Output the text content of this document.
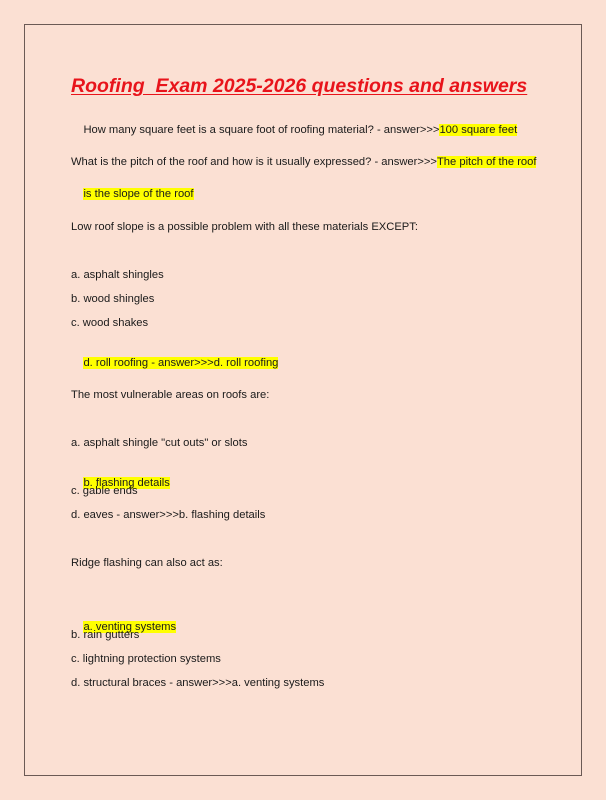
Roofing  Exam 2025-2026 questions and answers

How many square feet is a square foot of roofing material? - answer>>>100 square feet

What is the pitch of the roof and how is it usually expressed? - answer>>>The pitch of the roof

is the slope of the roof

Low roof slope is a possible problem with all these materials EXCEPT:
a. asphalt shingles
b. wood shingles
c. wood shakes

d. roll roofing - answer>>>d. roll roofing

The most vulnerable areas on roofs are:
a. asphalt shingle "cut outs" or slots

b. flashing details

c. gable ends
d. eaves - answer>>>b. flashing details
Ridge flashing can also act as:

a. venting systems

b. rain gutters
c. lightning protection systems
d. structural braces - answer>>>a. venting systems
